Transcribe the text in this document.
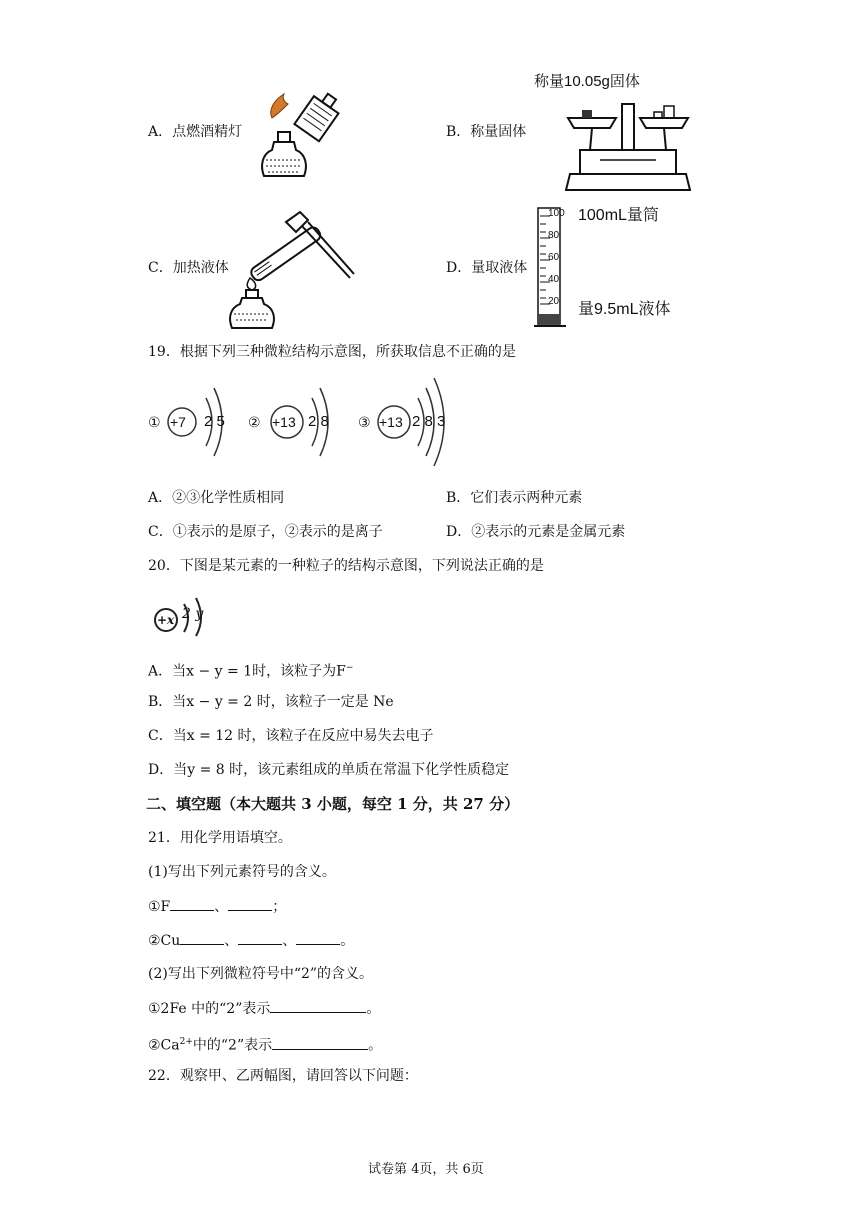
A．点燃酒精灯	B．称量固体
C．加热液体	D．量取液体
称量10.05g固体
100
80
60
40
20
100mL量筒
量9.5mL液体
19．根据下列三种微粒结构示意图，所获取信息不正确的是
① +7 2 5 ② +13 2 8 ③ +13 2 8 3
A．②③化学性质相同	B．它们表示两种元素
C．①表示的是原子，②表示的是离子	D．②表示的元素是金属元素
20．下图是某元素的一种粒子的结构示意图，下列说法正确的是
+x 2 y
A．当x − y = 1时，该粒子为F−
B．当x − y = 2 时，该粒子一定是 Ne
C．当x = 12 时，该粒子在反应中易失去电子
D．当y = 8 时，该元素组成的单质在常温下化学性质稳定
二、填空题（本大题共 3 小题，每空 1 分，共 27 分）
21．用化学用语填空。
(1)写出下列元素符号的含义。
①F	、	；
②Cu	、	、	。
(2)写出下列微粒符号中“2”的含义。
①2Fe 中的“2”表示	。
$②Ca^{2+}$中的“2”表示	。
22．观察甲、乙两幅图，请回答以下问题：
试卷第 4页，共 6页
